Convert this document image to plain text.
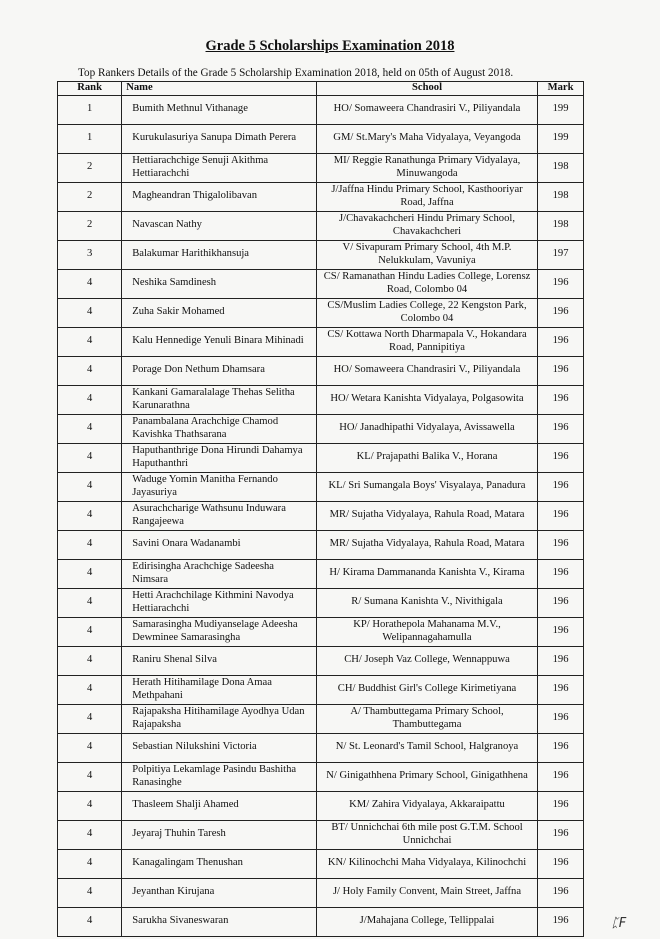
Grade 5 Scholarships Examination 2018
Top Rankers Details of the Grade 5 Scholarship Examination 2018, held on 05th of August 2018.
Rank	Name	School	Mark
1	Bumith Methnul Vithanage	HO/ Somaweera Chandrasiri V., Piliyandala	199
1	Kurukulasuriya Sanupa Dimath Perera	GM/ St.Mary's Maha Vidyalaya, Veyangoda	199
2	Hettiarachchige Senuji Akithma Hettiarachchi	MI/ Reggie Ranathunga Primary Vidyalaya, Minuwangoda	198
2	Magheandran Thigalolibavan	J/Jaffna Hindu Primary School, Kasthooriyar Road, Jaffna	198
2	Navascan Nathy	J/Chavakachcheri Hindu Primary School, Chavakachcheri	198
3	Balakumar Harithikhansuja	V/ Sivapuram Primary School, 4th M.P. Nelukkulam, Vavuniya	197
4	Neshika Samdinesh	CS/ Ramanathan Hindu Ladies College, Lorensz Road, Colombo 04	196
4	Zuha Sakir Mohamed	CS/Muslim Ladies College, 22 Kengston Park, Colombo 04	196
4	Kalu Hennedige Yenuli Binara Mihinadi	CS/ Kottawa North Dharmapala V., Hokandara Road, Pannipitiya	196
4	Porage Don Nethum Dhamsara	HO/ Somaweera Chandrasiri V., Piliyandala	196
4	Kankani Gamaralalage Thehas Selitha Karunarathna	HO/ Wetara Kanishta Vidyalaya, Polgasowita	196
4	Panambalana Arachchige Chamod Kavishka Thathsarana	HO/ Janadhipathi Vidyalaya, Avissawella	196
4	Haputhanthrige Dona Hirundi Dahamya Haputhanthri	KL/ Prajapathi Balika V., Horana	196
4	Waduge Yomin Manitha Fernando Jayasuriya	KL/ Sri Sumangala Boys' Visyalaya, Panadura	196
4	Asurachcharige Wathsunu Induwara Rangajeewa	MR/ Sujatha Vidyalaya, Rahula Road, Matara	196
4	Savini Onara Wadanambi	MR/ Sujatha Vidyalaya, Rahula Road, Matara	196
4	Edirisingha Arachchige Sadeesha Nimsara	H/ Kirama Dammananda Kanishta V., Kirama	196
4	Hetti Arachchilage Kithmini Navodya Hettiarachchi	R/ Sumana Kanishta V., Nivithigala	196
4	Samarasingha Mudiyanselage Adeesha Dewminee Samarasingha	KP/ Horathepola Mahanama M.V., Welipannagahamulla	196
4	Raniru Shenal Silva	CH/ Joseph Vaz College, Wennappuwa	196
4	Herath Hitihamilage Dona Amaa Methpahani	CH/ Buddhist Girl's College Kirimetiyana	196
4	Rajapaksha Hitihamilage Ayodhya Udan Rajapaksha	A/ Thambuttegama Primary School, Thambuttegama	196
4	Sebastian Nilukshini Victoria	N/ St. Leonard's Tamil School, Halgranoya	196
4	Polpitiya Lekamlage Pasindu Bashitha Ranasinghe	N/ Ginigathhena Primary School, Ginigathhena	196
4	Thasleem Shalji Ahamed	KM/ Zahira Vidyalaya, Akkaraipattu	196
4	Jeyaraj Thuhin Taresh	BT/ Unnichchai 6th mile post G.T.M. School Unnichchai	196
4	Kanagalingam Thenushan	KN/ Kilinochchi Maha Vidyalaya, Kilinochchi	196
4	Jeyanthan Kirujana	J/ Holy Family Convent, Main Street, Jaffna	196
4	Sarukha Sivaneswaran	J/Mahajana College, Tellippalai	196	ᛈF
